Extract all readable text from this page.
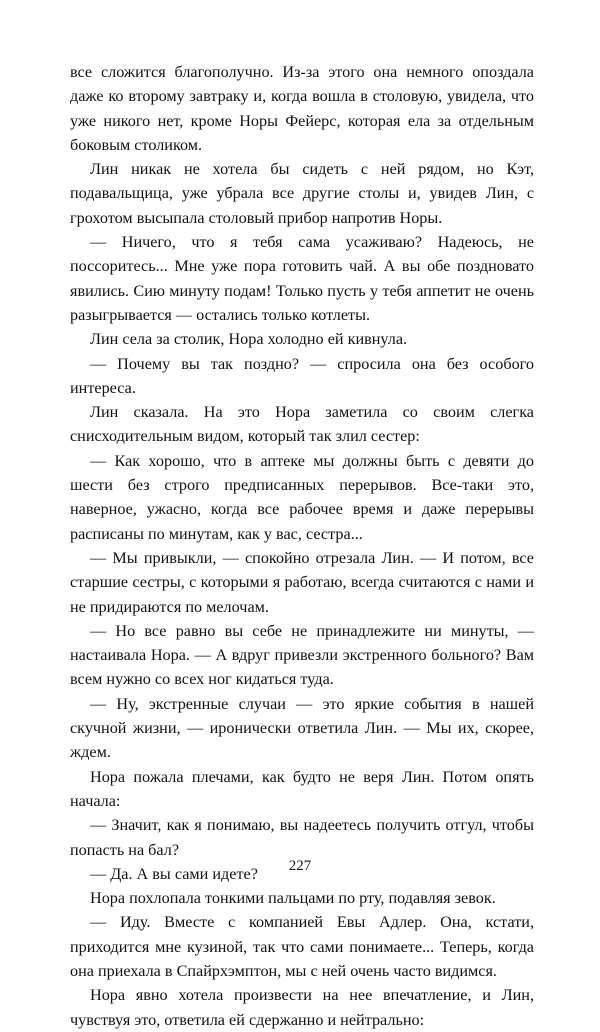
все сложится благополучно. Из-за этого она немного опоздала даже ко второму завтраку и, когда вошла в столовую, увидела, что уже никого нет, кроме Норы Фейерс, которая ела за отдельным боковым столиком.

Лин никак не хотела бы сидеть с ней рядом, но Кэт, подавальщица, уже убрала все другие столы и, увидев Лин, с грохотом высыпала столовый прибор напротив Норы.

— Ничего, что я тебя сама усаживаю? Надеюсь, не поссоритесь... Мне уже пора готовить чай. А вы обе поздновато явились. Сию минуту подам! Только пусть у тебя аппетит не очень разыгрывается — остались только котлеты.

Лин села за столик, Нора холодно ей кивнула.

— Почему вы так поздно? — спросила она без особого интереса.

Лин сказала. На это Нора заметила со своим слегка снисходительным видом, который так злил сестер:

— Как хорошо, что в аптеке мы должны быть с девяти до шести без строго предписанных перерывов. Все-таки это, наверное, ужасно, когда все рабочее время и даже перерывы расписаны по минутам, как у вас, сестра...

— Мы привыкли, — спокойно отрезала Лин. — И потом, все старшие сестры, с которыми я работаю, всегда считаются с нами и не придираются по мелочам.

— Но все равно вы себе не принадлежите ни минуты, — настаивала Нора. — А вдруг привезли экстренного больного? Вам всем нужно со всех ног кидаться туда.

— Ну, экстренные случаи — это яркие события в нашей скучной жизни, — иронически ответила Лин. — Мы их, скорее, ждем.

Нора пожала плечами, как будто не веря Лин. Потом опять начала:

— Значит, как я понимаю, вы надеетесь получить отгул, чтобы попасть на бал?

— Да. А вы сами идете?

Нора похлопала тонкими пальцами по рту, подавляя зевок.

— Иду. Вместе с компанией Евы Адлер. Она, кстати, приходится мне кузиной, так что сами понимаете... Теперь, когда она приехала в Спайрхэмптон, мы с ней очень часто видимся.

Нора явно хотела произвести на нее впечатление, и Лин, чувствуя это, ответила ей сдержанно и нейтрально:

227
